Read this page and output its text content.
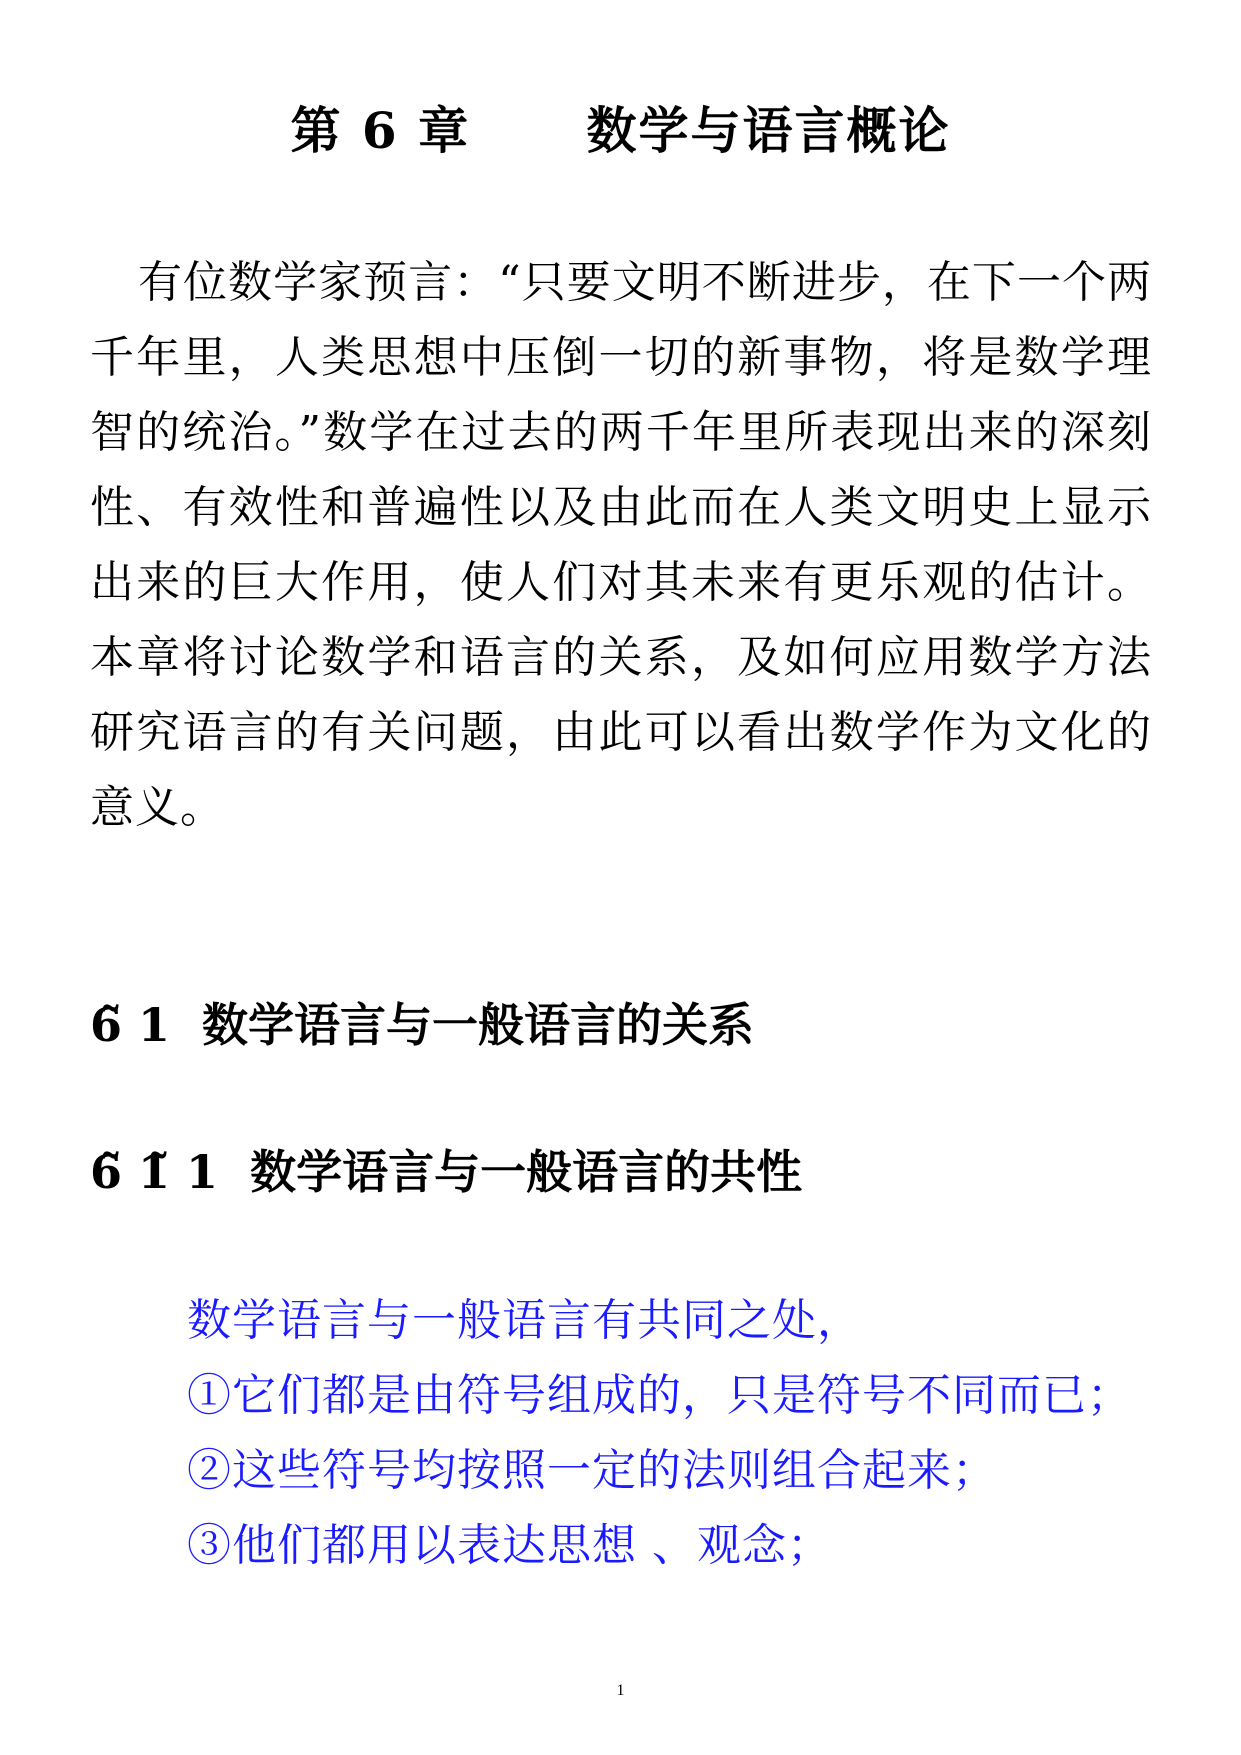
第 6 章      数学与语言概论

有位数学家预言：“只要文明不断进步，在下一个两千年里，人类思想中压倒一切的新事物，将是数学理智的统治。”数学在过去的两千年里所表现出来的深刻性、有效性和普遍性以及由此而在人类文明史上显示出来的巨大作用，使人们对其未来有更乐观的估计。本章将讨论数学和语言的关系，及如何应用数学方法研究语言的有关问题，由此可以看出数学作为文化的意义。

6̃ 1  数学语言与一般语言的关系
6̃ 1̃ 1  数学语言与一般语言的共性

数学语言与一般语言有共同之处，

①它们都是由符号组成的，只是符号不同而已；

②这些符号均按照一定的法则组合起来；

③他们都用以表达思想 、观念；

1
